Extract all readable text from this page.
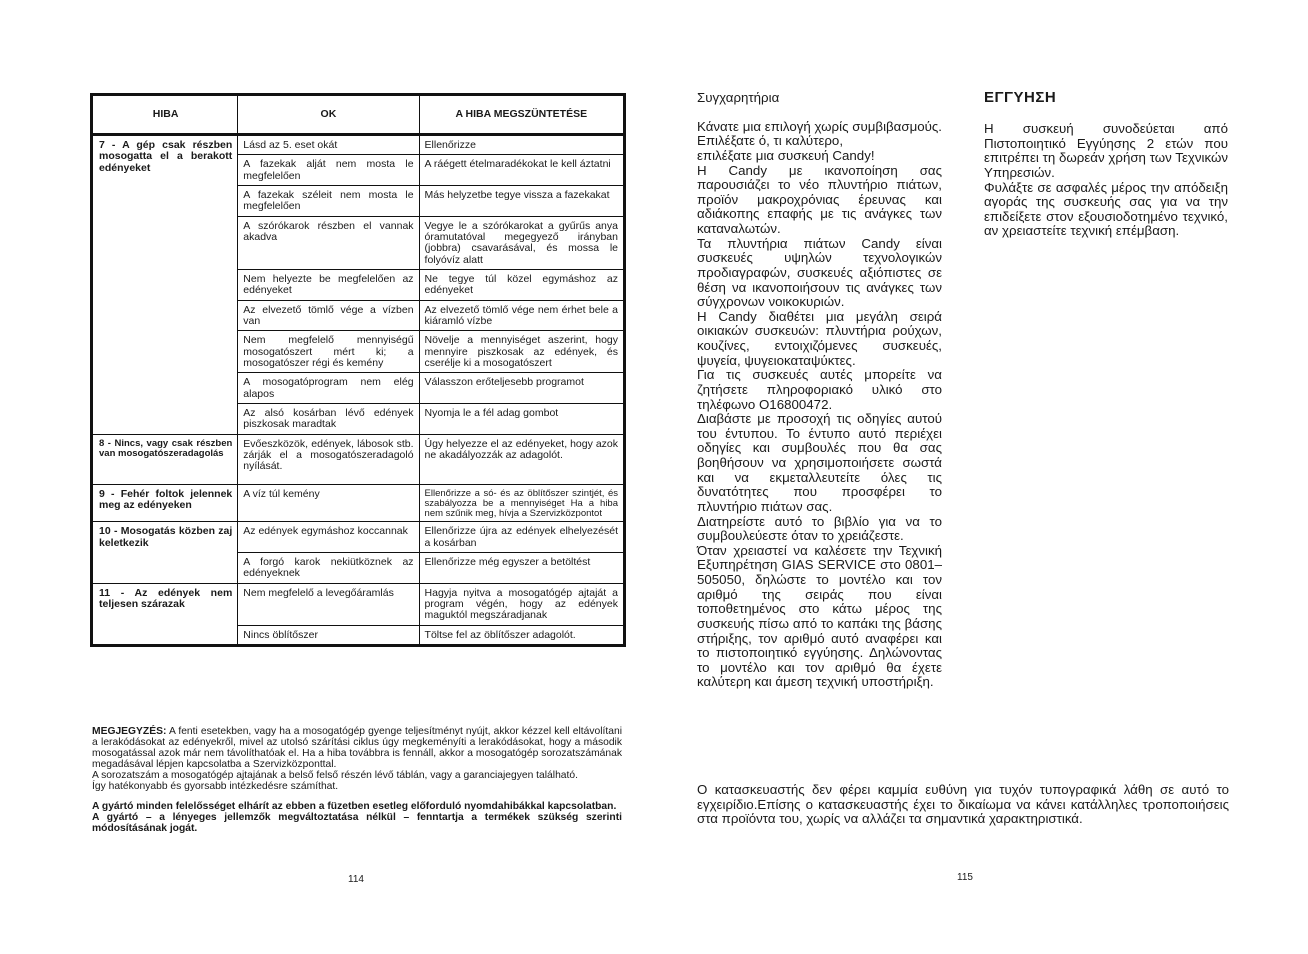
HIBA	OK	A HIBA MEGSZÜNTETÉSE
7 - A gép csak részben mosogatta el a berakott edényeket	Lásd az 5. eset okát	Ellenőrizze
	A fazekak alját nem mosta le megfelelően	A ráégett ételmaradékokat le kell áztatni
	A fazekak széleit nem mosta le megfelelően	Más helyzetbe tegye vissza a fazekakat
	A szórókarok részben el vannak akadva	Vegye le a szórókarokat a gyűrűs anya óramutatóval megegyező irányban (jobbra) csavarásával, és mossa le folyóvíz alatt
	Nem helyezte be megfelelően az edényeket	Ne tegye túl közel egymáshoz az edényeket
	Az elvezető tömlő vége a vízben van	Az elvezető tömlő vége nem érhet bele a kiáramló vízbe
	Nem megfelelő mennyiségű mosogatószert mért ki; a mosogatószer régi és kemény	Növelje a mennyiséget aszerint, hogy mennyire piszkosak az edények, és cserélje ki a mosogatószert
	A mosogatóprogram nem elég alapos	Válasszon erőteljesebb programot
	Az alsó kosárban lévő edények piszkosak maradtak	Nyomja le a fél adag gombot
8 - Nincs, vagy csak részben van mosogatószeradagolás	Evőeszközök, edények, lábosok stb. zárják el a mosogatószeradagoló nyílását.	Úgy helyezze el az edényeket, hogy azok ne akadályozzák az adagolót.
9 - Fehér foltok jelennek meg az edényeken	A víz túl kemény	Ellenőrizze a só- és az öblítőszer szintjét, és szabályozza be a mennyiséget Ha a hiba nem szűnik meg, hívja a Szervizközpontot
10 - Mosogatás közben zaj keletkezik	Az edények egymáshoz koccannak	Ellenőrizze újra az edények elhelyezését a kosárban
	A forgó karok nekiütköznek az edényeknek	Ellenőrizze még egyszer a betöltést
11 - Az edények nem teljesen szárazak	Nem megfelelő a levegőáramlás	Hagyja nyitva a mosogatógép ajtaját a program végén, hogy az edények maguktól megszáradjanak
	Nincs öblítőszer	Töltse fel az öblítőszer adagolót.

MEGJEGYZÉS: A fenti esetekben, vagy ha a mosogatógép gyenge teljesítményt nyújt, akkor kézzel kell eltávolítani a lerakódásokat az edényekről, mivel az utolsó szárítási ciklus úgy megkeményíti a lerakódásokat, hogy a második mosogatással azok már nem távolíthatóak el. Ha a hiba továbbra is fennáll, akkor a mosogatógép sorozatszámának megadásával lépjen kapcsolatba a Szervizközponttal.

A sorozatszám a mosogatógép ajtajának a belső felső részén lévő táblán, vagy a garanciajegyen található.

Így hatékonyabb és gyorsabb intézkedésre számíthat.

A gyártó minden felelősséget elhárít az ebben a füzetben esetleg előforduló nyomdahibákkal kapcsolatban.

A gyártó – a lényeges jellemzők megváltoztatása nélkül – fenntartja a termékek szükség szerinti módosításának jogát.

114

Συγχαρητήρια

Κάνατε μια επιλογή χωρίς συμβιβασμούς. Επιλέξατε ό, τι καλύτερο,

επιλέξατε μια συσκευή Candy!

Η Candy με ικανοποίηση σας παρουσιάζει το νέο πλυντήριο πιάτων, προϊόν μακροχρόνιας έρευνας και αδιάκοπης επαφής με τις ανάγκες των καταναλωτών.

Τα πλυντήρια πιάτων Candy είναι συσκευές υψηλών τεχνολογικών προδιαγραφών, συσκευές αξιόπιστες σε θέση να ικανοποιήσουν τις ανάγκες των σύγχρονων νοικοκυριών.

Η Candy διαθέτει μια μεγάλη σειρά οικιακών συσκευών: πλυντήρια ρούχων, κουζίνες, εντοιχιζόμενες συσκευές, ψυγεία, ψυγειοκαταψύκτες.

Για τις συσκευές αυτές μπορείτε να ζητήσετε πληροφοριακό υλικό στο τηλέφωνο Ο16800472.

Διαβάστε με προσοχή τις οδηγίες αυτού του έντυπου. Το έντυπο αυτό περιέχει οδηγίες και συμβουλές που θα σας βοηθήσουν να χρησιμοποιήσετε σωστά και να εκμεταλλευτείτε όλες τις δυνατότητες που προσφέρει το πλυντήριο πιάτων σας.

Διατηρείστε αυτό το βιβλίο για να το συμβουλεύεστε όταν το χρειάζεστε.

Όταν χρειαστεί να καλέσετε την Τεχνική Εξυπηρέτηση GIAS SERVICE στο 0801–505050, δηλώστε το μοντέλο και τον αριθμό της σειράς που είναι τοποθετημένος στο κάτω μέρος της συσκευής πίσω από το καπάκι της βάσης στήριξης, τον αριθμό αυτό αναφέρει και το πιστοποιητικό εγγύησης. Δηλώνοντας το μοντέλο και τον αριθμό θα έχετε καλύτερη και άμεση τεχνική υποστήριξη.

ΕΓΓΥΗΣΗ

Η συσκευή συνοδεύεται από Πιστοποιητικό Εγγύησης 2 ετών που επιτρέπει τη δωρεάν χρήση των Τεχνικών Υπηρεσιών.

Φυλάξτε σε ασφαλές μέρος την απόδειξη αγοράς της συσκευής σας για να την επιδείξετε στον εξουσιοδοτημένο τεχνικό, αν χρειαστείτε τεχνική επέμβαση.

Ο κατασκευαστής δεν φέρει καμμία ευθύνη για τυχόν τυπογραφικά λάθη σε αυτό το εγχειρίδιο.Επίσης ο κατασκευαστής έχει το δικαίωμα να κάνει κατάλληλες τροποποιήσεις στα προϊόντα του, χωρίς να αλλάζει τα σημαντικά χαρακτηριστικά.

115
